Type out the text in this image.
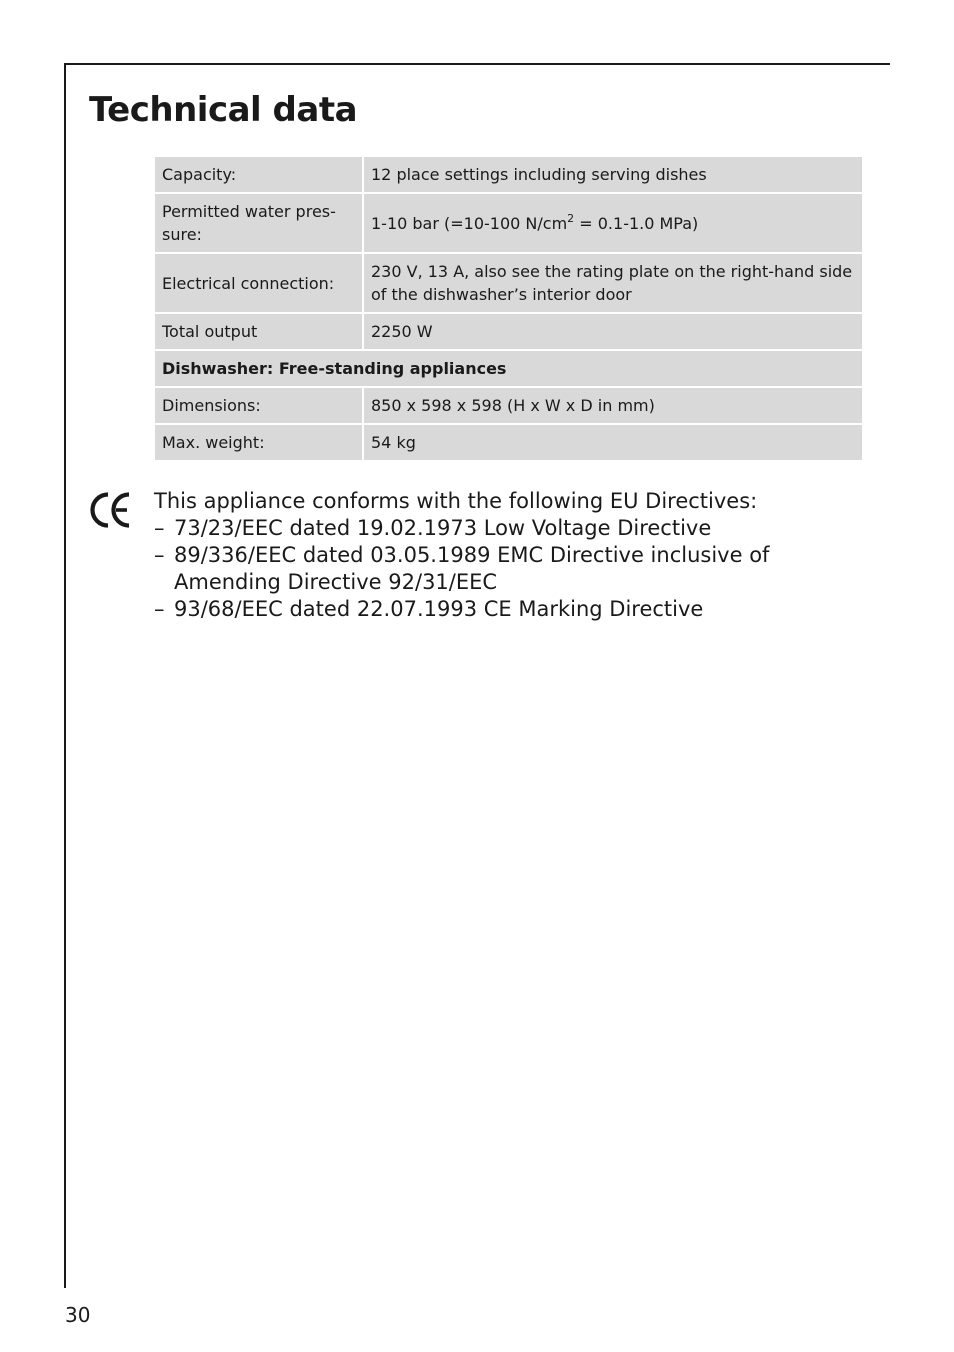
Technical data
Capacity:	12 place settings including serving dishes
Permitted water pres-sure:	1-10 bar (=10-100 $N/cm^2 = 0.1-1.0$ MPa)
Electrical connection:	230 V, 13 A, also see the rating plate on the right-hand side of the dishwasher’s interior door
Total output	2250 W
Dishwasher: Free-standing appliances	
Dimensions:	850 x 598 x 598 (H x W x D in mm)
Max. weight:	54 kg

This appliance conforms with the following EU Directives:

– 73/23/EEC dated 19.02.1973 Low Voltage Directive
– 89/336/EEC dated 03.05.1989 EMC Directive inclusive of Amending Directive 92/31/EEC
– 93/68/EEC dated 22.07.1993 CE Marking Directive
30
